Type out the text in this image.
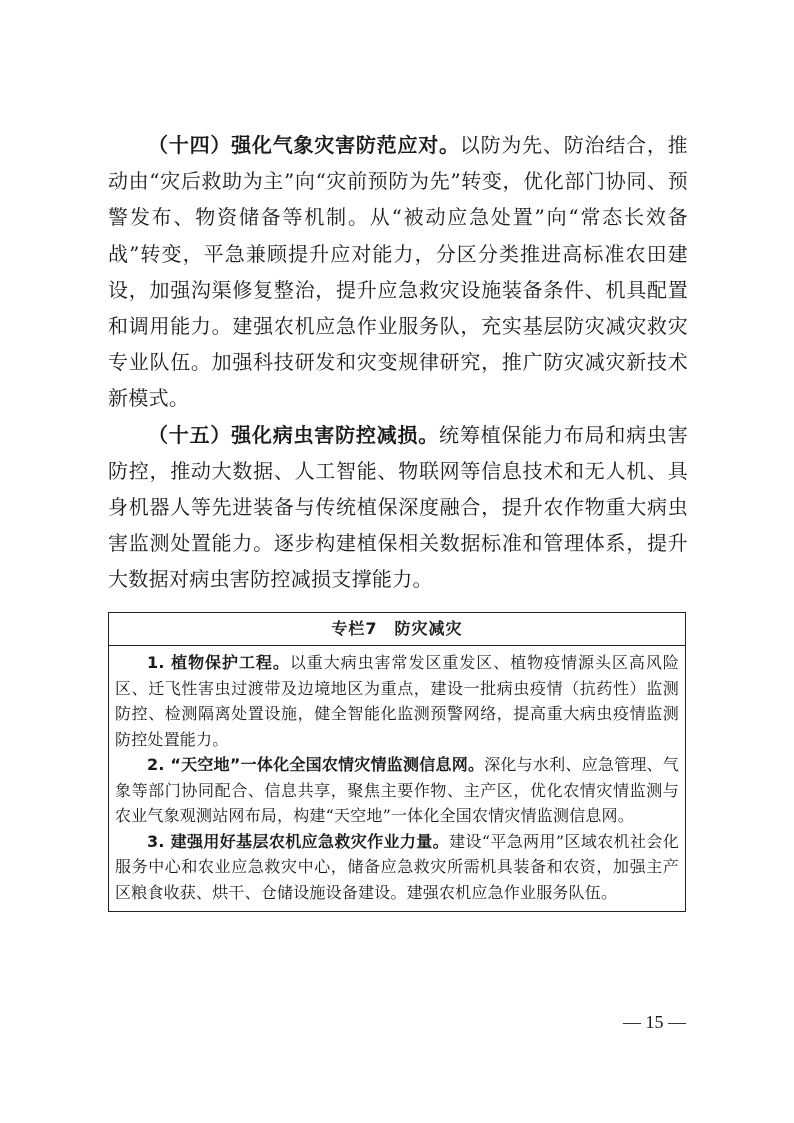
（十四）强化气象灾害防范应对。以防为先、防治结合，推动由“灾后救助为主”向“灾前预防为先”转变，优化部门协同、预警发布、物资储备等机制。从“被动应急处置”向“常态长效备战”转变，平急兼顾提升应对能力，分区分类推进高标准农田建设，加强沟渠修复整治，提升应急救灾设施装备条件、机具配置和调用能力。建强农机应急作业服务队，充实基层防灾减灾救灾专业队伍。加强科技研发和灾变规律研究，推广防灾减灾新技术新模式。

（十五）强化病虫害防控减损。统筹植保能力布局和病虫害防控，推动大数据、人工智能、物联网等信息技术和无人机、具身机器人等先进装备与传统植保深度融合，提升农作物重大病虫害监测处置能力。逐步构建植保相关数据标准和管理体系，提升大数据对病虫害防控减损支撑能力。

专栏7　防灾减灾

1. 植物保护工程。以重大病虫害常发区重发区、植物疫情源头区高风险区、迁飞性害虫过渡带及边境地区为重点，建设一批病虫疫情（抗药性）监测防控、检测隔离处置设施，健全智能化监测预警网络，提高重大病虫疫情监测防控处置能力。

2. “天空地”一体化全国农情灾情监测信息网。深化与水利、应急管理、气象等部门协同配合、信息共享，聚焦主要作物、主产区，优化农情灾情监测与农业气象观测站网布局，构建“天空地”一体化全国农情灾情监测信息网。

3. 建强用好基层农机应急救灾作业力量。建设“平急两用”区域农机社会化服务中心和农业应急救灾中心，储备应急救灾所需机具装备和农资，加强主产区粮食收获、烘干、仓储设施设备建设。建强农机应急作业服务队伍。

— 15 —
